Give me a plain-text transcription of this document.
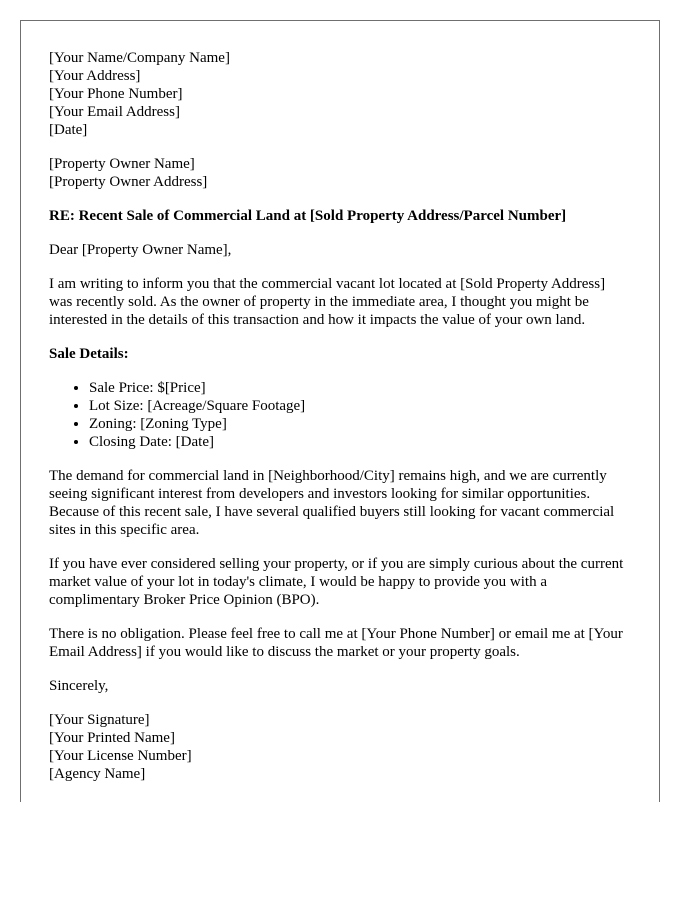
[Your Name/Company Name]
[Your Address]
[Your Phone Number]
[Your Email Address]
[Date]
[Property Owner Name]
[Property Owner Address]
RE: Recent Sale of Commercial Land at [Sold Property Address/Parcel Number]

Dear [Property Owner Name],

I am writing to inform you that the commercial vacant lot located at [Sold Property Address] was recently sold. As the owner of property in the immediate area, I thought you might be interested in the details of this transaction and how it impacts the value of your own land.

Sale Details:
• Sale Price: $[Price]
• Lot Size: [Acreage/Square Footage]
• Zoning: [Zoning Type]
• Closing Date: [Date]

The demand for commercial land in [Neighborhood/City] remains high, and we are currently seeing significant interest from developers and investors looking for similar opportunities. Because of this recent sale, I have several qualified buyers still looking for vacant commercial sites in this specific area.

If you have ever considered selling your property, or if you are simply curious about the current market value of your lot in today's climate, I would be happy to provide you with a complimentary Broker Price Opinion (BPO).

There is no obligation. Please feel free to call me at [Your Phone Number] or email me at [Your Email Address] if you would like to discuss the market or your property goals.

Sincerely,
[Your Signature]
[Your Printed Name]
[Your License Number]
[Agency Name]
